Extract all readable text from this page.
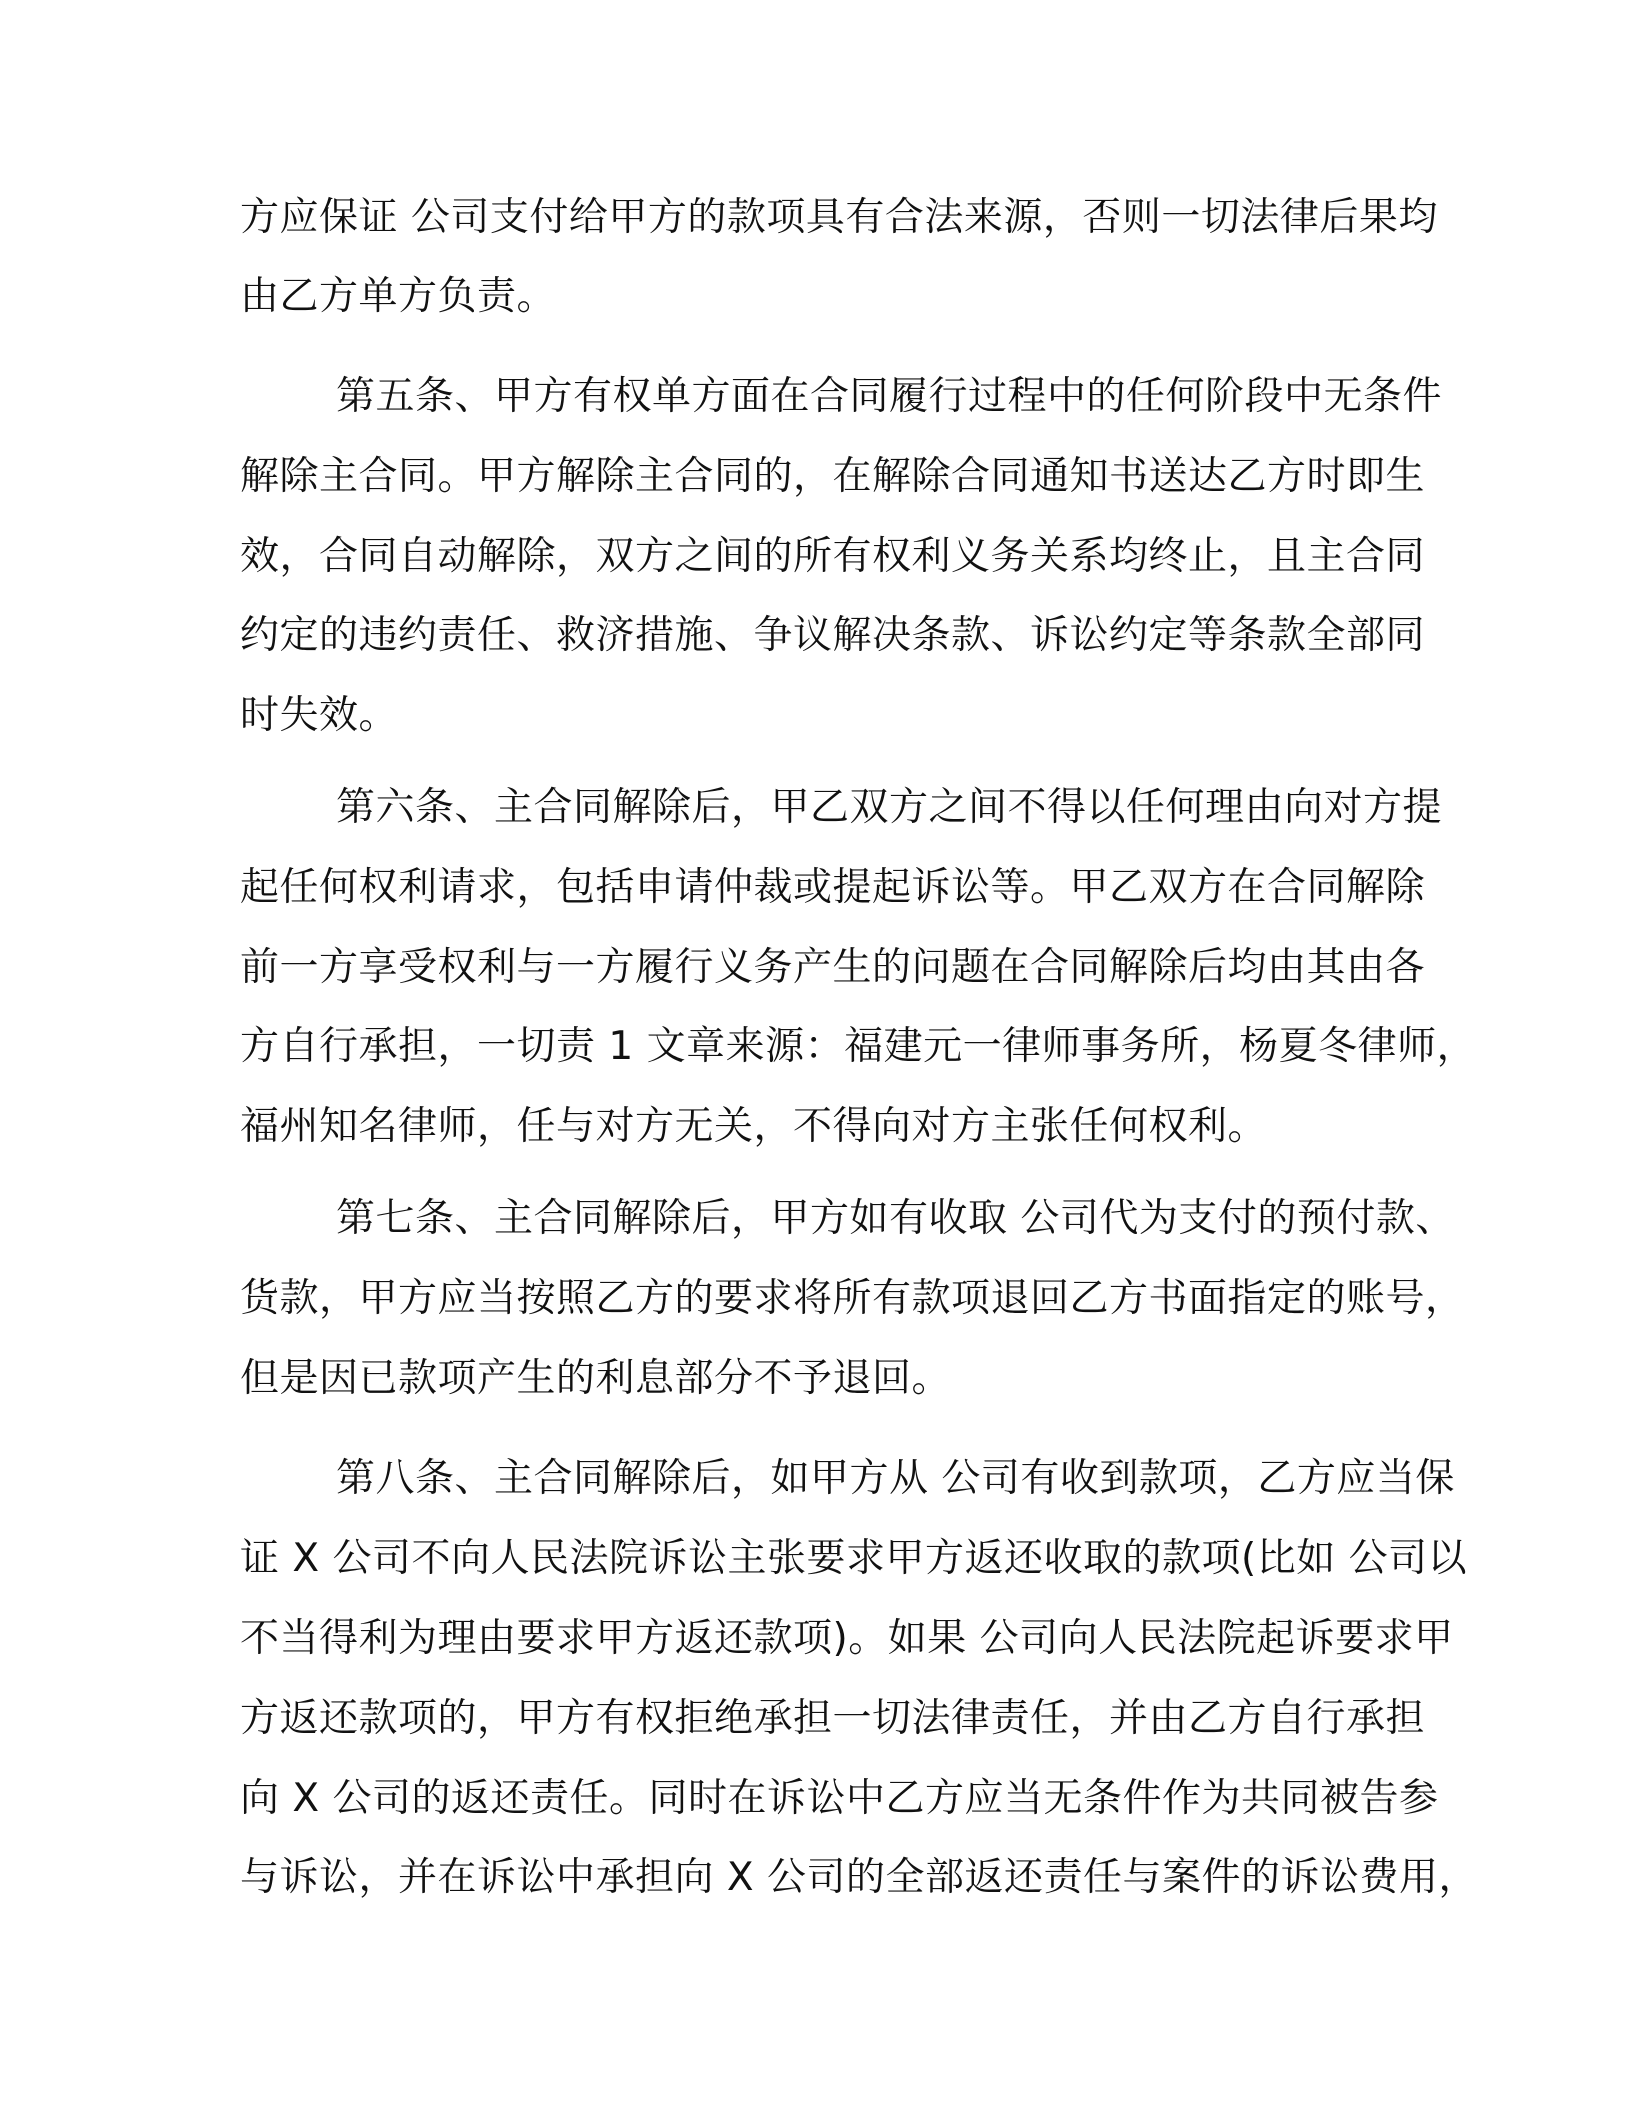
方应保证 公司支付给甲方的款项具有合法来源，否则一切法律后果均

由乙方单方负责。

第五条、甲方有权单方面在合同履行过程中的任何阶段中无条件

解除主合同。甲方解除主合同的，在解除合同通知书送达乙方时即生

效，合同自动解除，双方之间的所有权利义务关系均终止，且主合同

约定的违约责任、救济措施、争议解决条款、诉讼约定等条款全部同

时失效。

第六条、主合同解除后，甲乙双方之间不得以任何理由向对方提

起任何权利请求，包括申请仲裁或提起诉讼等。甲乙双方在合同解除

前一方享受权利与一方履行义务产生的问题在合同解除后均由其由各

方自行承担，一切责 1 文章来源：福建元一律师事务所，杨夏冬律师，

福州知名律师，任与对方无关，不得向对方主张任何权利。

第七条、主合同解除后，甲方如有收取 公司代为支付的预付款、

货款，甲方应当按照乙方的要求将所有款项退回乙方书面指定的账号，

但是因已款项产生的利息部分不予退回。

第八条、主合同解除后，如甲方从 公司有收到款项，乙方应当保

证 X 公司不向人民法院诉讼主张要求甲方返还收取的款项(比如 公司以

不当得利为理由要求甲方返还款项)。如果 公司向人民法院起诉要求甲

方返还款项的，甲方有权拒绝承担一切法律责任，并由乙方自行承担

向 X 公司的返还责任。同时在诉讼中乙方应当无条件作为共同被告参

与诉讼，并在诉讼中承担向 X 公司的全部返还责任与案件的诉讼费用，
